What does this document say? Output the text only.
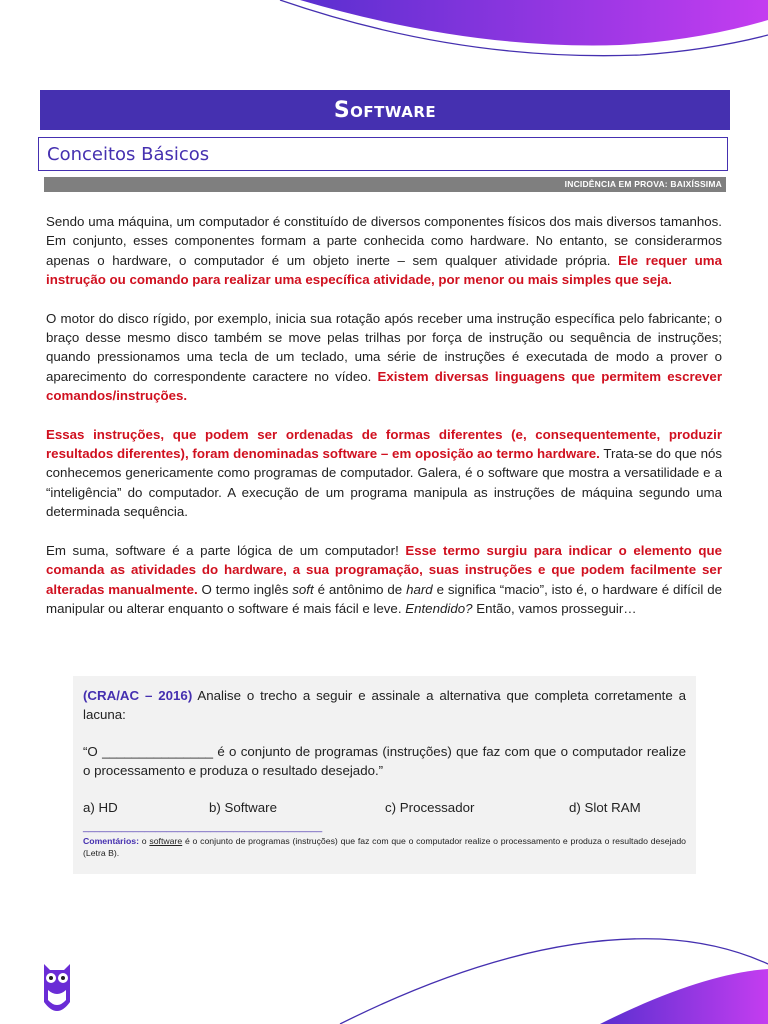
Software
Conceitos Básicos
INCIDÊNCIA EM PROVA: BAIXÍSSIMA

Sendo uma máquina, um computador é constituído de diversos componentes físicos dos mais diversos tamanhos. Em conjunto, esses componentes formam a parte conhecida como hardware. No entanto, se considerarmos apenas o hardware, o computador é um objeto inerte – sem qualquer atividade própria. Ele requer uma instrução ou comando para realizar uma específica atividade, por menor ou mais simples que seja.

O motor do disco rígido, por exemplo, inicia sua rotação após receber uma instrução específica pelo fabricante; o braço desse mesmo disco também se move pelas trilhas por força de instrução ou sequência de instruções; quando pressionamos uma tecla de um teclado, uma série de instruções é executada de modo a prover o aparecimento do correspondente caractere no vídeo. Existem diversas linguagens que permitem escrever comandos/instruções.

Essas instruções, que podem ser ordenadas de formas diferentes (e, consequentemente, produzir resultados diferentes), foram denominadas software – em oposição ao termo hardware. Trata-se do que nós conhecemos genericamente como programas de computador. Galera, é o software que mostra a versatilidade e a “inteligência” do computador. A execução de um programa manipula as instruções de máquina segundo uma determinada sequência.

Em suma, software é a parte lógica de um computador! Esse termo surgiu para indicar o elemento que comanda as atividades do hardware, a sua programação, suas instruções e que podem facilmente ser alteradas manualmente. O termo inglês soft é antônimo de hard e significa “macio”, isto é, o hardware é difícil de manipular ou alterar enquanto o software é mais fácil e leve. Entendido? Então, vamos prosseguir…

(CRA/AC – 2016) Analise o trecho a seguir e assinale a alternativa que completa corretamente a lacuna:

“O _______________ é o conjunto de programas (instruções) que faz com que o computador realize o processamento e produza o resultado desejado.”

a) HD	b) Software	c) Processador	d) Slot RAM
___________________________________________
Comentários: o software é o conjunto de programas (instruções) que faz com que o computador realize o processamento e produza o resultado desejado (Letra B).
